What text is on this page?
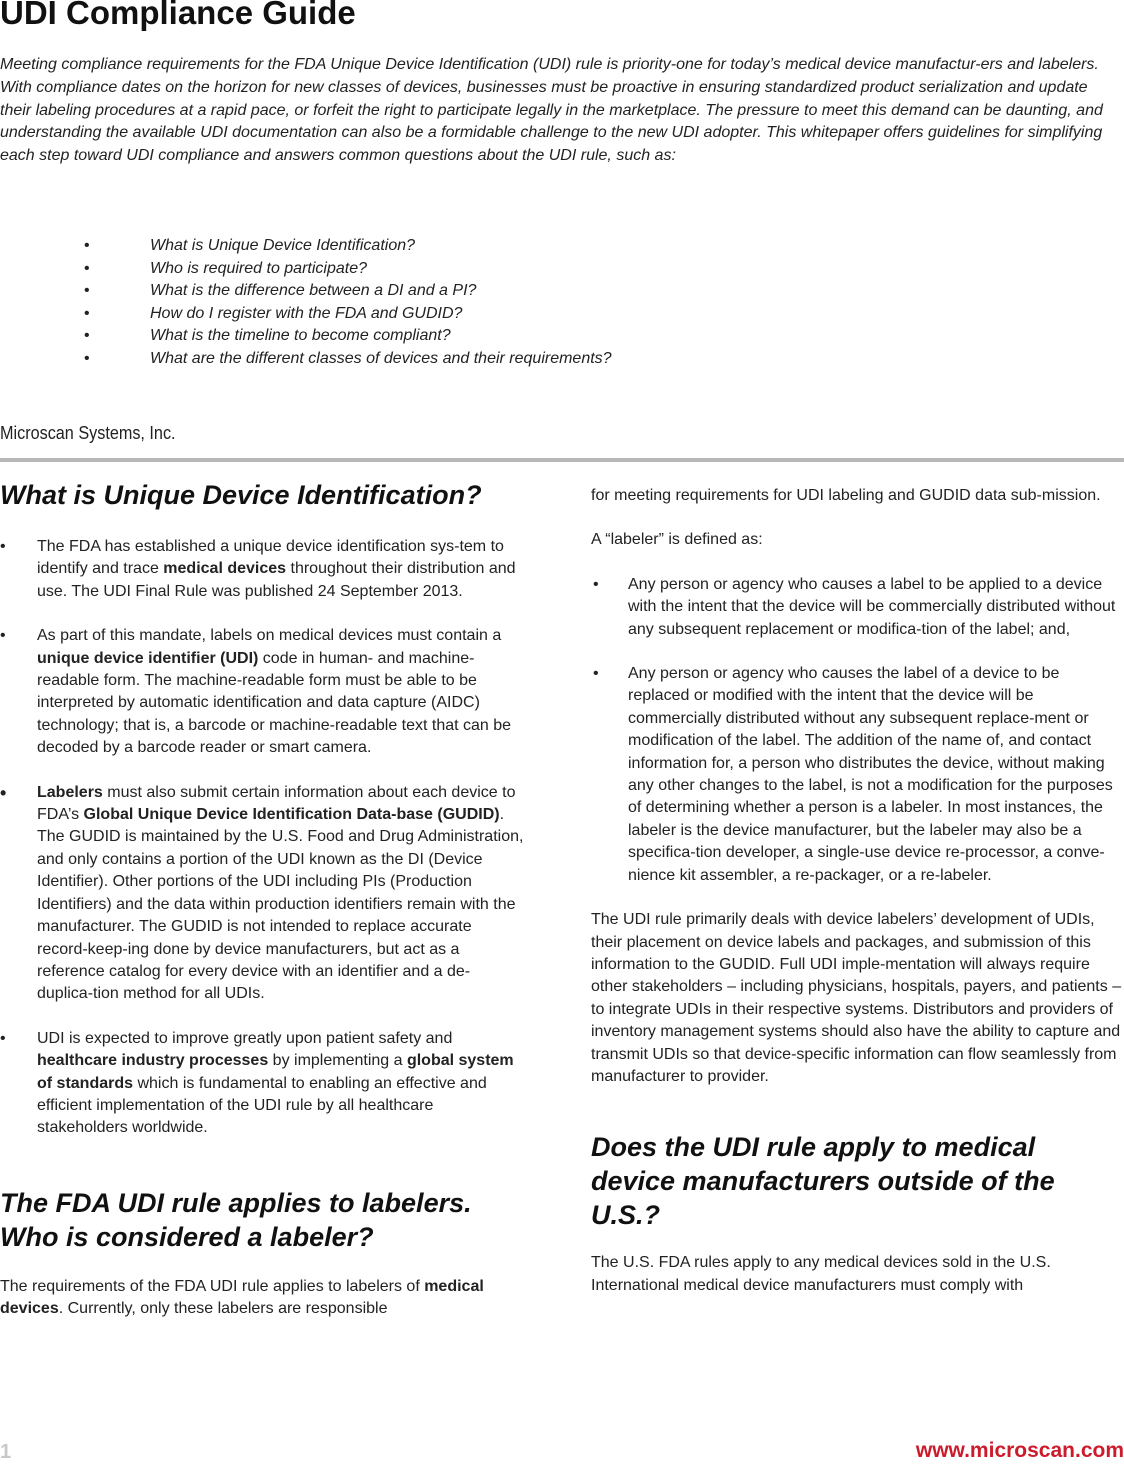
UDI Compliance Guide

Meeting compliance requirements for the FDA Unique Device Identification (UDI) rule is priority-one for today’s medical device manufactur-ers and labelers. With compliance dates on the horizon for new classes of devices, businesses must be proactive in ensuring standardized product serialization and update their labeling procedures at a rapid pace, or forfeit the right to participate legally in the marketplace. The pressure to meet this demand can be daunting, and understanding the available UDI documentation can also be a formidable challenge to the new UDI adopter. This whitepaper offers guidelines for simplifying each step toward UDI compliance and answers common questions about the UDI rule, such as:

•	What is Unique Device Identification?
•	Who is required to participate?
•	What is the difference between a DI and a PI?
•	How do I register with the FDA and GUDID?
•	What is the timeline to become compliant?
•	What are the different classes of devices and their requirements?
Microscan Systems, Inc.
What is Unique Device Identification?
• The FDA has established a unique device identification sys-tem to identify and trace medical devices throughout their distribution and use. The UDI Final Rule was published 24 September 2013.
• As part of this mandate, labels on medical devices must contain a unique device identifier (UDI) code in human- and machine-readable form. The machine-readable form must be able to be interpreted by automatic identification and data capture (AIDC) technology; that is, a barcode or machine-readable text that can be decoded by a barcode reader or smart camera.
• Labelers must also submit certain information about each device to FDA’s Global Unique Device Identification Data-base (GUDID). The GUDID is maintained by the U.S. Food and Drug Administration, and only contains a portion of the UDI known as the DI (Device Identifier). Other portions of the UDI including PIs (Production Identifiers) and the data within production identifiers remain with the manufacturer. The GUDID is not intended to replace accurate record-keep-ing done by device manufacturers, but act as a reference catalog for every device with an identifier and a de-duplica-tion method for all UDIs.
• UDI is expected to improve greatly upon patient safety and healthcare industry processes by implementing a global system of standards which is fundamental to enabling an effective and efficient implementation of the UDI rule by all healthcare stakeholders worldwide.
The FDA UDI rule applies to labelers. Who is considered a labeler?

The requirements of the FDA UDI rule applies to labelers of medical devices. Currently, only these labelers are responsible

for meeting requirements for UDI labeling and GUDID data sub-mission.

A “labeler” is defined as:

• Any person or agency who causes a label to be applied to a device with the intent that the device will be commercially distributed without any subsequent replacement or modifica-tion of the label; and,
• Any person or agency who causes the label of a device to be replaced or modified with the intent that the device will be commercially distributed without any subsequent replace-ment or modification of the label. The addition of the name of, and contact information for, a person who distributes the device, without making any other changes to the label, is not a modification for the purposes of determining whether a person is a labeler. In most instances, the labeler is the device manufacturer, but the labeler may also be a specifica-tion developer, a single-use device re-processor, a conve-nience kit assembler, a re-packager, or a re-labeler.

The UDI rule primarily deals with device labelers’ development of UDIs, their placement on device labels and packages, and submission of this information to the GUDID. Full UDI imple-mentation will always require other stakeholders – including physicians, hospitals, payers, and patients – to integrate UDIs in their respective systems. Distributors and providers of inventory management systems should also have the ability to capture and transmit UDIs so that device-specific information can flow seamlessly from manufacturer to provider.

Does the UDI rule apply to medical device manufacturers outside of the U.S.?

The U.S. FDA rules apply to any medical devices sold in the U.S. International medical device manufacturers must comply with

1	www.microscan.com
